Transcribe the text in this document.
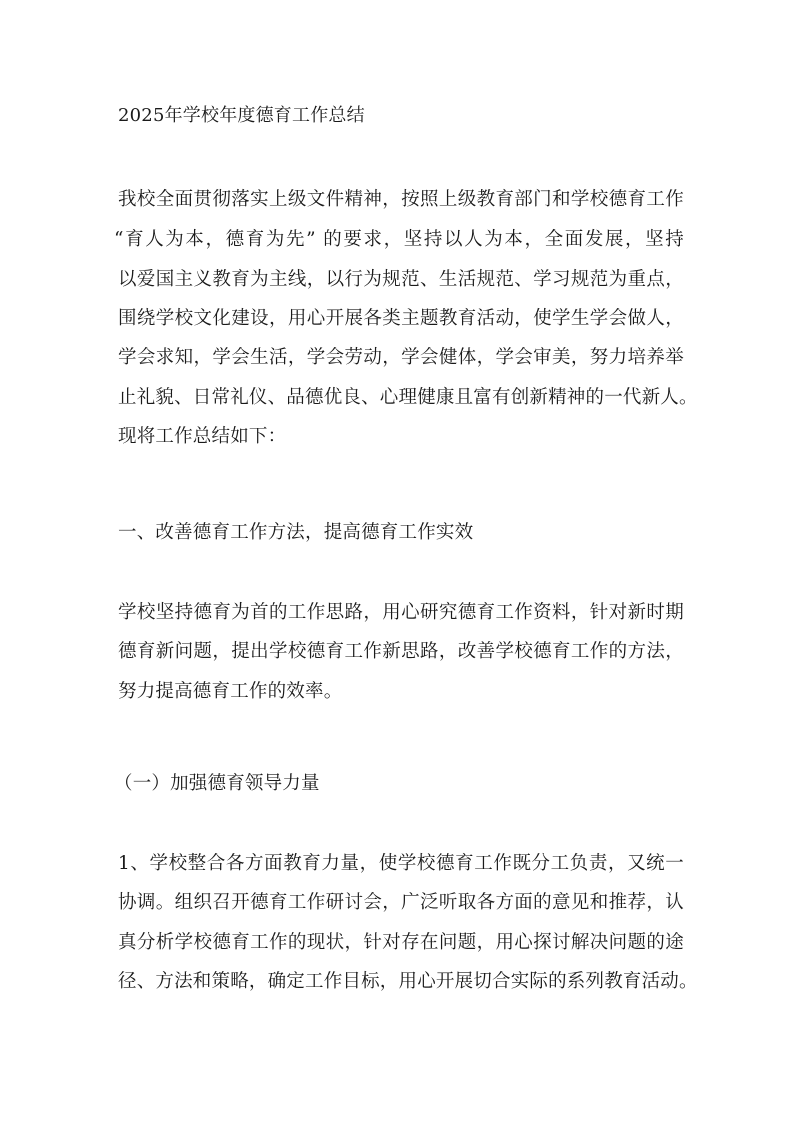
2025年学校年度德育工作总结
我校全面贯彻落实上级文件精神，按照上级教育部门和学校德育工作
“育人为本，德育为先” 的要求，坚持以人为本，全面发展，坚持
以爱国主义教育为主线，以行为规范、生活规范、学习规范为重点，
围绕学校文化建设，用心开展各类主题教育活动，使学生学会做人，
学会求知，学会生活，学会劳动，学会健体，学会审美，努力培养举
止礼貌、日常礼仪、品德优良、心理健康且富有创新精神的一代新人。
现将工作总结如下：
一、改善德育工作方法，提高德育工作实效
学校坚持德育为首的工作思路，用心研究德育工作资料，针对新时期
德育新问题，提出学校德育工作新思路，改善学校德育工作的方法，
努力提高德育工作的效率。
（一）加强德育领导力量
1、学校整合各方面教育力量，使学校德育工作既分工负责，又统一
协调。组织召开德育工作研讨会，广泛听取各方面的意见和推荐，认
真分析学校德育工作的现状，针对存在问题，用心探讨解决问题的途
径、方法和策略，确定工作目标，用心开展切合实际的系列教育活动。
